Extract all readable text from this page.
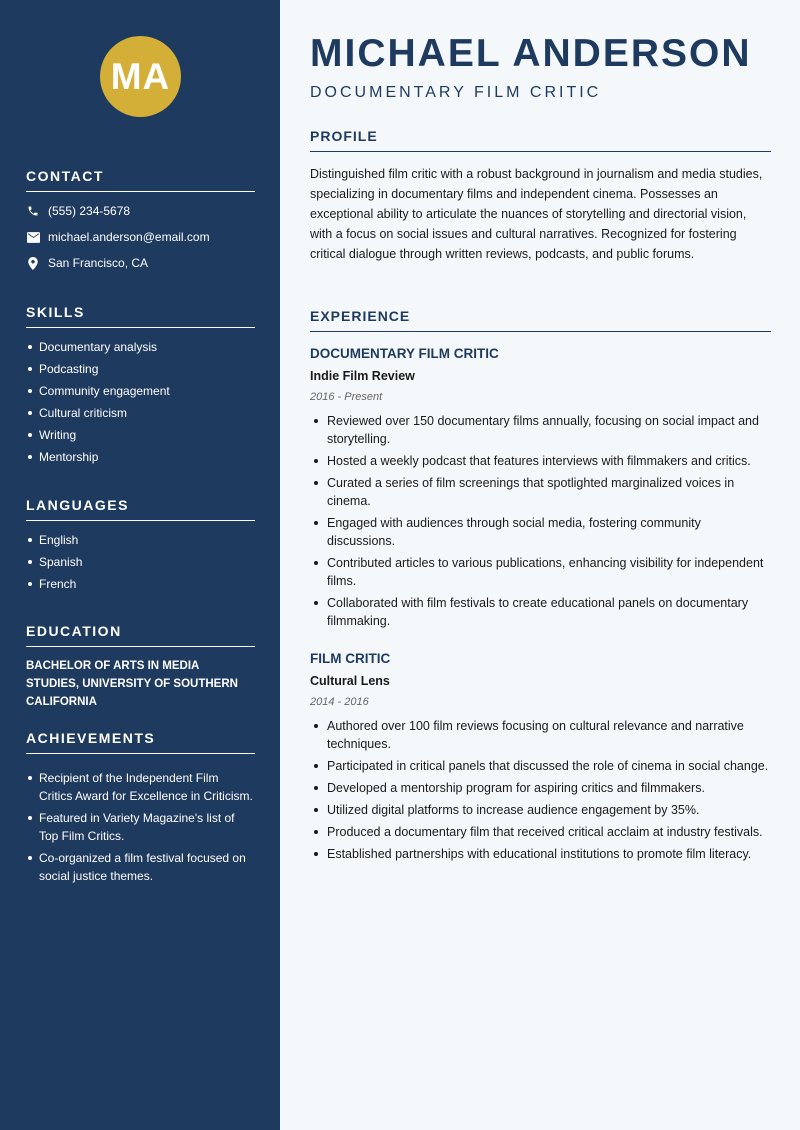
MA
CONTACT
(555) 234-5678
michael.anderson@email.com
San Francisco, CA
SKILLS
Documentary analysis
Podcasting
Community engagement
Cultural criticism
Writing
Mentorship
LANGUAGES
English
Spanish
French
EDUCATION
BACHELOR OF ARTS IN MEDIA STUDIES, UNIVERSITY OF SOUTHERN CALIFORNIA
ACHIEVEMENTS
Recipient of the Independent Film Critics Award for Excellence in Criticism.
Featured in Variety Magazine's list of Top Film Critics.
Co-organized a film festival focused on social justice themes.
MICHAEL ANDERSON
DOCUMENTARY FILM CRITIC
PROFILE
Distinguished film critic with a robust background in journalism and media studies, specializing in documentary films and independent cinema. Possesses an exceptional ability to articulate the nuances of storytelling and directorial vision, with a focus on social issues and cultural narratives. Recognized for fostering critical dialogue through written reviews, podcasts, and public forums.
EXPERIENCE
DOCUMENTARY FILM CRITIC
Indie Film Review
2016 - Present
Reviewed over 150 documentary films annually, focusing on social impact and storytelling.
Hosted a weekly podcast that features interviews with filmmakers and critics.
Curated a series of film screenings that spotlighted marginalized voices in cinema.
Engaged with audiences through social media, fostering community discussions.
Contributed articles to various publications, enhancing visibility for independent films.
Collaborated with film festivals to create educational panels on documentary filmmaking.
FILM CRITIC
Cultural Lens
2014 - 2016
Authored over 100 film reviews focusing on cultural relevance and narrative techniques.
Participated in critical panels that discussed the role of cinema in social change.
Developed a mentorship program for aspiring critics and filmmakers.
Utilized digital platforms to increase audience engagement by 35%.
Produced a documentary film that received critical acclaim at industry festivals.
Established partnerships with educational institutions to promote film literacy.
